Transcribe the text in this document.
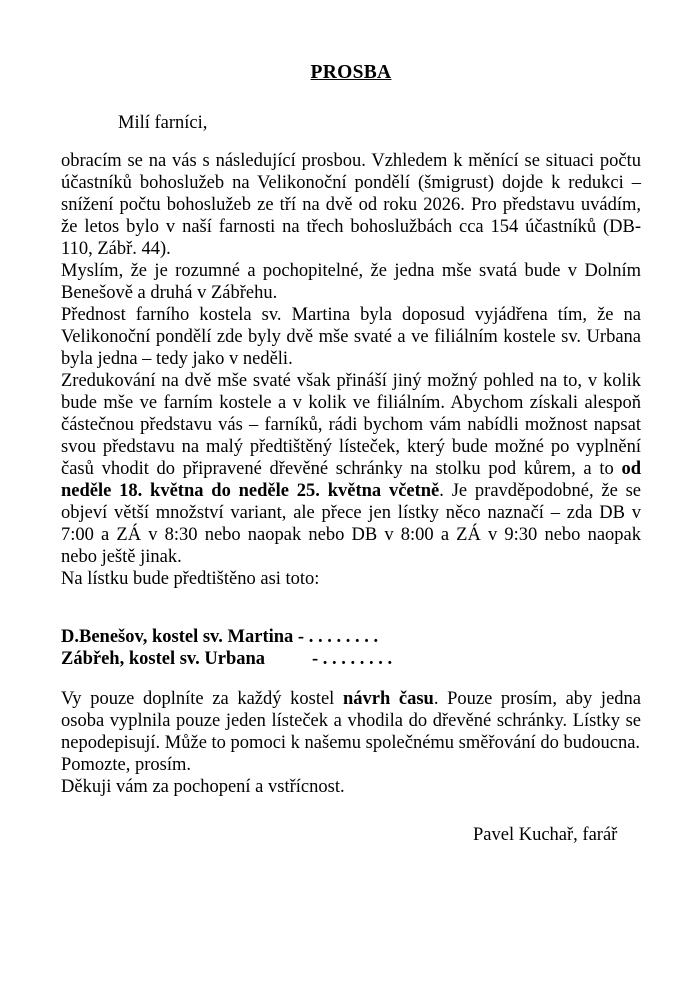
PROSBA
Milí farníci,

obracím se na vás s následující prosbou. Vzhledem k měnící se situaci počtu účastníků bohoslužeb na Velikonoční pondělí (šmigrust) dojde k redukci – snížení počtu bohoslužeb ze tří na dvě od roku 2026. Pro představu uvádím, že letos bylo v naší farnosti na třech bohoslužbách cca 154 účastníků (DB-110, Zábř. 44).

Myslím, že je rozumné a pochopitelné, že jedna mše svatá bude v Dolním Benešově a druhá v Zábřehu.

Přednost farního kostela sv. Martina byla doposud vyjádřena tím, že na Velikonoční pondělí zde byly dvě mše svaté a ve filiálním kostele sv. Urbana byla jedna – tedy jako v neděli.

Zredukování na dvě mše svaté však přináší jiný možný pohled na to, v kolik bude mše ve farním kostele a v kolik ve filiálním. Abychom získali alespoň částečnou představu vás – farníků, rádi bychom vám nabídli možnost napsat svou představu na malý předtištěný lísteček, který bude možné po vyplnění časů vhodit do připravené dřevěné schránky na stolku pod kůrem, a to od neděle 18. května do neděle 25. května včetně. Je pravděpodobné, že se objeví větší množství variant, ale přece jen lístky něco naznačí – zda DB v 7:00 a ZÁ v 8:30 nebo naopak nebo DB v 8:00 a ZÁ v 9:30 nebo naopak nebo ještě jinak.

Na lístku bude předtištěno asi toto:

D.Benešov, kostel sv. Martina - . . . . . . . .
Zábřeh, kostel sv. Urbana	- . . . . . . . .

Vy pouze doplníte za každý kostel návrh času. Pouze prosím, aby jedna osoba vyplnila pouze jeden lísteček a vhodila do dřevěné schránky. Lístky se nepodepisují. Může to pomoci k našemu společnému směřování do budoucna.

Pomozte, prosím.

Děkuji vám za pochopení a vstřícnost.

Pavel Kuchař, farář
